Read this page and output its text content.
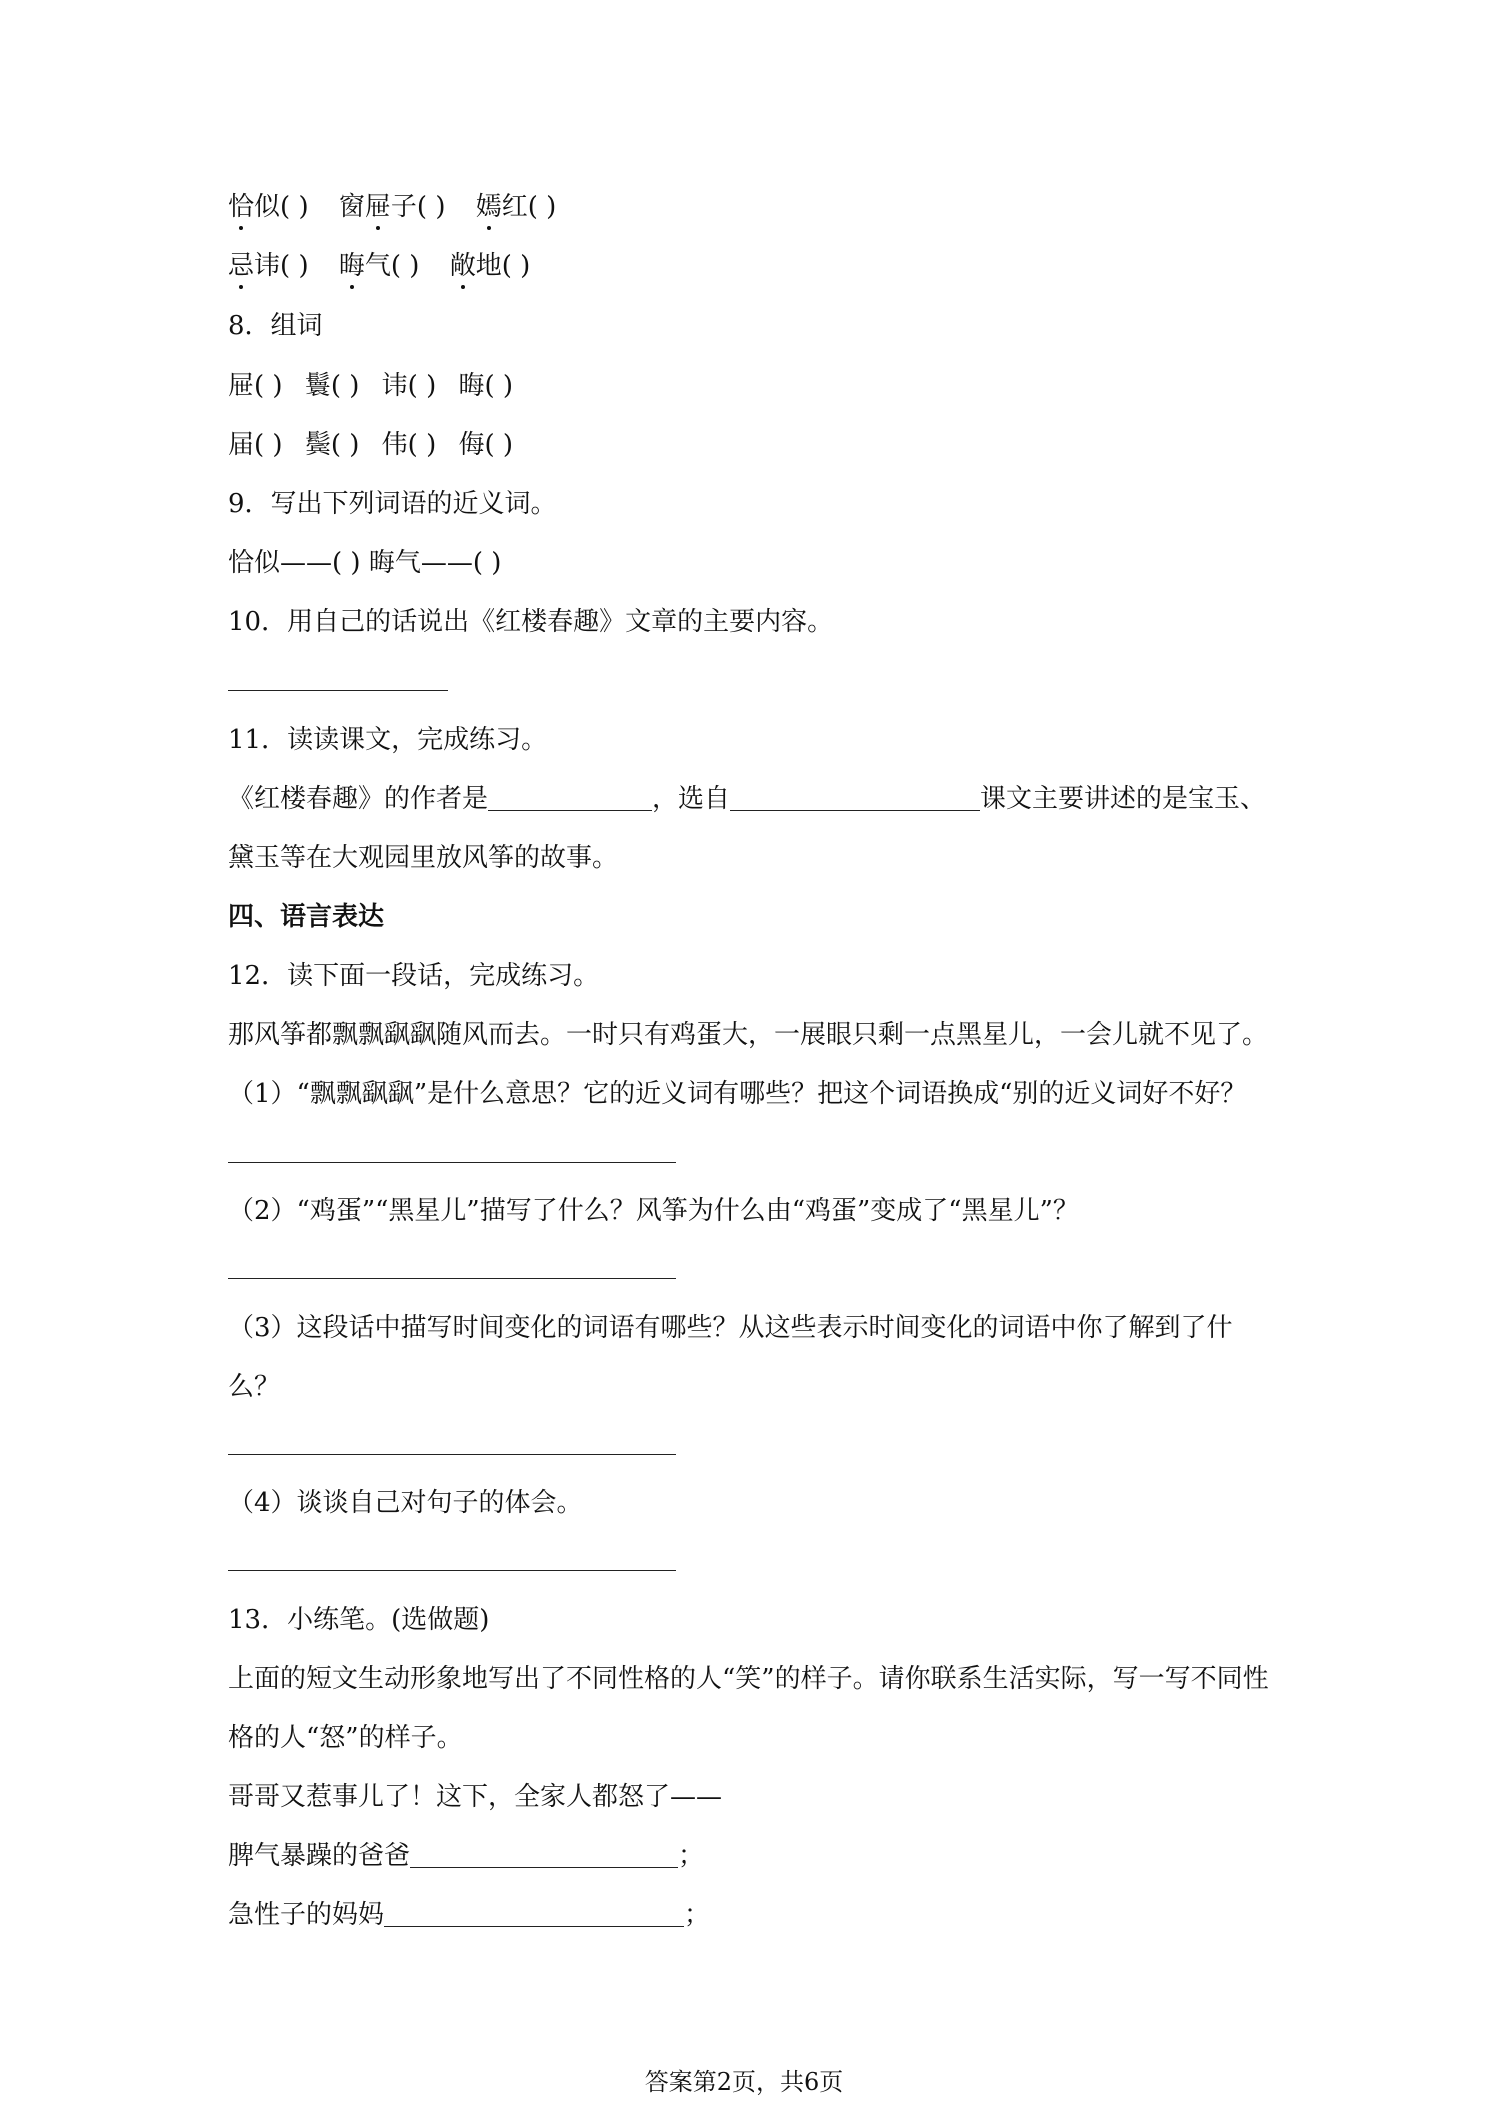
恰似( ) 窗屉子( ) 嫣红( )
忌讳( ) 晦气( ) 敞地( )
8．组词
屉( ) 鬟( ) 讳( ) 晦( )
届( ) 鬓( ) 伟( ) 侮( )
9．写出下列词语的近义词。
恰似——( ) 晦气——( )
10．用自己的话说出《红楼春趣》文章的主要内容。
11．读读课文，完成练习。
《红楼春趣》的作者是	，选自	课文主要讲述的是宝玉、
黛玉等在大观园里放风筝的故事。
四、语言表达
12．读下面一段话，完成练习。
那风筝都飘飘飖飖随风而去。一时只有鸡蛋大，一展眼只剩一点黑星儿，一会儿就不见了。
（1）“飘飘飖飖”是什么意思？它的近义词有哪些？把这个词语换成“别的近义词好不好？
（2）“鸡蛋”“黑星儿”描写了什么？风筝为什么由“鸡蛋”变成了“黑星儿”？
（3）这段话中描写时间变化的词语有哪些？从这些表示时间变化的词语中你了解到了什
么？
（4）谈谈自己对句子的体会。
13．小练笔。(选做题)
上面的短文生动形象地写出了不同性格的人“笑”的样子。请你联系生活实际，写一写不同性
格的人“怒”的样子。
哥哥又惹事儿了！这下，全家人都怒了——
脾气暴躁的爸爸	；
急性子的妈妈	；
答案第2页，共6页
